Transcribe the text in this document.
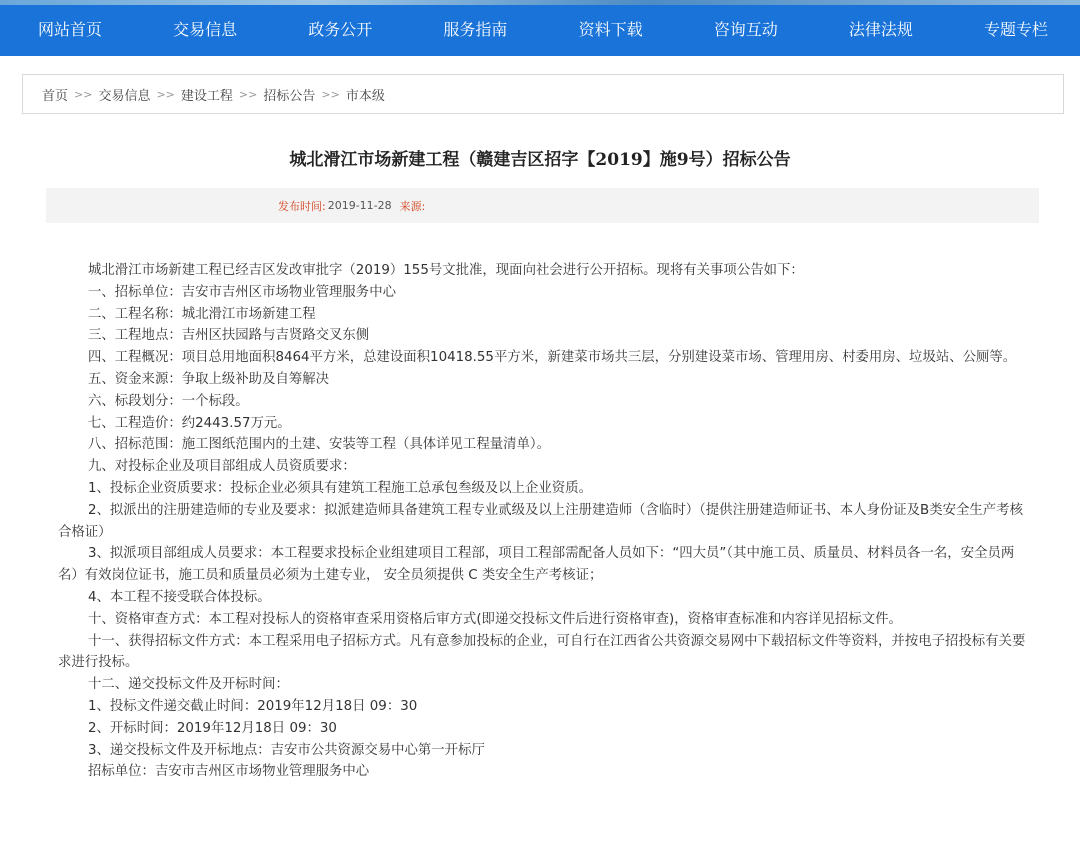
网站首页	交易信息	政务公开	服务指南	资料下载	咨询互动	法律法规	专题专栏
首页 >> 交易信息 >> 建设工程 >> 招标公告 >> 市本级
城北滑江市场新建工程（赣建吉区招字【2019】施9号）招标公告
发布时间: 2019-11-28 来源:

城北滑江市场新建工程已经吉区发改审批字（2019）155号文批准，现面向社会进行公开招标。现将有关事项公告如下：

一、招标单位：吉安市吉州区市场物业管理服务中心

二、工程名称：城北滑江市场新建工程

三、工程地点：吉州区扶园路与吉贤路交叉东侧

四、工程概况：项目总用地面积8464平方米，总建设面积10418.55平方米，新建菜市场共三层，分别建设菜市场、管理用房、村委用房、垃圾站、公厕等。

五、资金来源：争取上级补助及自筹解决

六、标段划分：一个标段。

七、工程造价：约2443.57万元。

八、招标范围：施工图纸范围内的土建、安装等工程（具体详见工程量清单）。

九、对投标企业及项目部组成人员资质要求：

1、投标企业资质要求：投标企业必须具有建筑工程施工总承包叁级及以上企业资质。

2、拟派出的注册建造师的专业及要求：拟派建造师具备建筑工程专业贰级及以上注册建造师（含临时）（提供注册建造师证书、本人身份证及B类安全生产考核合格证）

3、拟派项目部组成人员要求：本工程要求投标企业组建项目工程部，项目工程部需配备人员如下：“四大员”（其中施工员、质量员、材料员各一名，安全员两名）有效岗位证书，施工员和质量员必须为土建专业， 安全员须提供 C 类安全生产考核证；

4、本工程不接受联合体投标。

十、资格审查方式：本工程对投标人的资格审查采用资格后审方式(即递交投标文件后进行资格审查)，资格审查标准和内容详见招标文件。

十一、获得招标文件方式：本工程采用电子招标方式。凡有意参加投标的企业，可自行在江西省公共资源交易网中下载招标文件等资料，并按电子招投标有关要求进行投标。

十二、递交投标文件及开标时间：

1、投标文件递交截止时间：2019年12月18日 09：30

2、开标时间：2019年12月18日 09：30

3、递交投标文件及开标地点：吉安市公共资源交易中心第一开标厅

招标单位：吉安市吉州区市场物业管理服务中心
